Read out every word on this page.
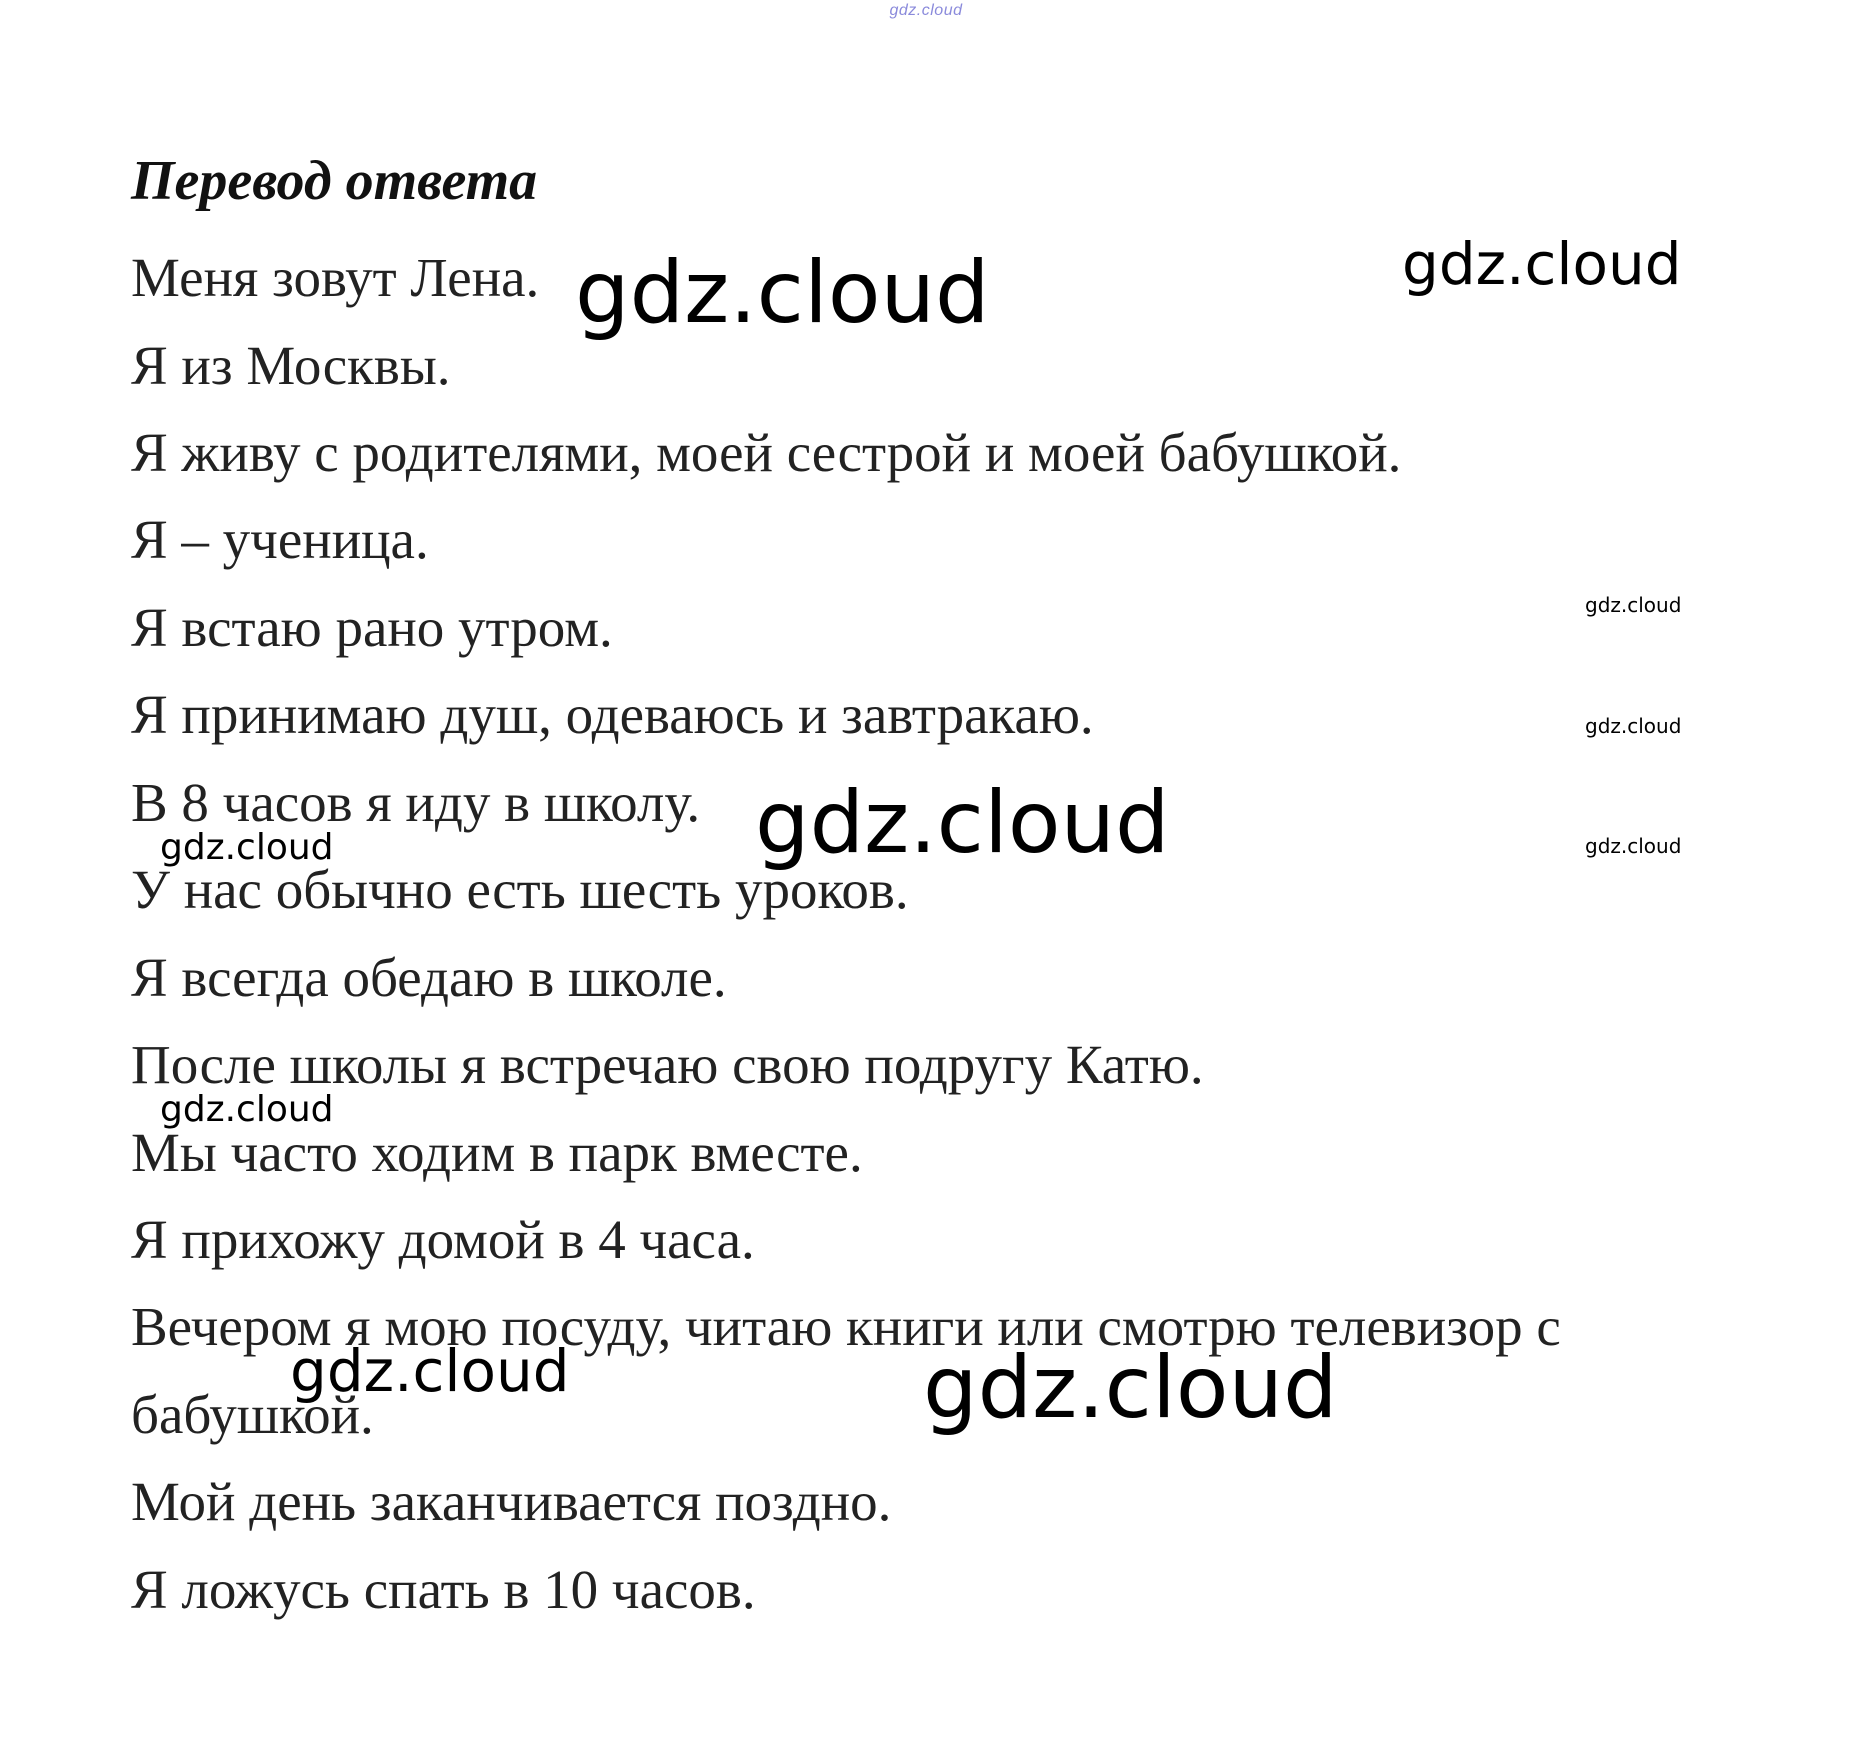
gdz.cloud
Перевод ответа

Меня зовут Лена.

Я из Москвы.

Я живу с родителями, моей сестрой и моей бабушкой.

Я – ученица.

Я встаю рано утром.

Я принимаю душ, одеваюсь и завтракаю.

В 8 часов я иду в школу.

У нас обычно есть шесть уроков.

Я всегда обедаю в школе.

После школы я встречаю свою подругу Катю.

Мы часто ходим в парк вместе.

Я прихожу домой в 4 часа.

Вечером я мою посуду, читаю книги или смотрю телевизор с

бабушкой.

Мой день заканчивается поздно.

Я ложусь спать в 10 часов.

gdz.cloud	gdz.cloud
gdz.cloud
gdz.cloud
gdz.cloud
gdz.cloud	gdz.cloud
gdz.cloud
gdz.cloud	gdz.cloud
